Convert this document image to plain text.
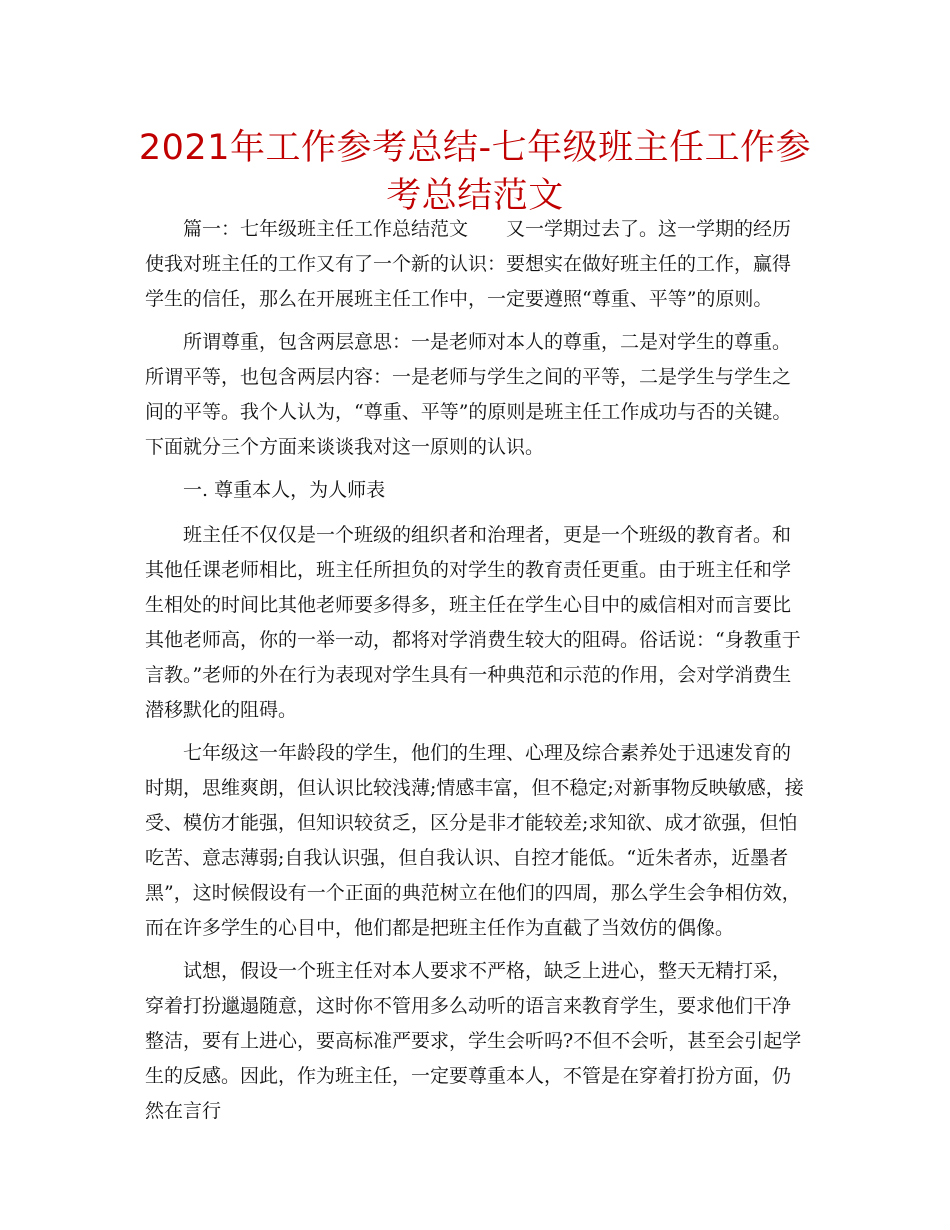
2021年工作参考总结-七年级班主任工作参考总结范文

篇一：七年级班主任工作总结范文 又一学期过去了。这一学期的经历使我对班主任的工作又有了一个新的认识：要想实在做好班主任的工作，赢得学生的信任，那么在开展班主任工作中，一定要遵照“尊重、平等”的原则。

所谓尊重，包含两层意思：一是老师对本人的尊重，二是对学生的尊重。所谓平等，也包含两层内容：一是老师与学生之间的平等，二是学生与学生之间的平等。我个人认为，“尊重、平等”的原则是班主任工作成功与否的关键。下面就分三个方面来谈谈我对这一原则的认识。

一. 尊重本人，为人师表

班主任不仅仅是一个班级的组织者和治理者，更是一个班级的教育者。和其他任课老师相比，班主任所担负的对学生的教育责任更重。由于班主任和学生相处的时间比其他老师要多得多，班主任在学生心目中的威信相对而言要比其他老师高，你的一举一动，都将对学消费生较大的阻碍。俗话说：“身教重于言教。”老师的外在行为表现对学生具有一种典范和示范的作用，会对学消费生潜移默化的阻碍。

七年级这一年龄段的学生，他们的生理、心理及综合素养处于迅速发育的时期，思维爽朗，但认识比较浅薄;情感丰富，但不稳定;对新事物反映敏感，接受、模仿才能强，但知识较贫乏，区分是非才能较差;求知欲、成才欲强，但怕吃苦、意志薄弱;自我认识强，但自我认识、自控才能低。“近朱者赤，近墨者黑”，这时候假设有一个正面的典范树立在他们的四周，那么学生会争相仿效，而在许多学生的心目中，他们都是把班主任作为直截了当效仿的偶像。

试想，假设一个班主任对本人要求不严格，缺乏上进心，整天无精打采，穿着打扮邋遢随意，这时你不管用多么动听的语言来教育学生，要求他们干净整洁，要有上进心，要高标准严要求，学生会听吗?不但不会听，甚至会引起学生的反感。因此，作为班主任，一定要尊重本人，不管是在穿着打扮方面，仍然在言行
